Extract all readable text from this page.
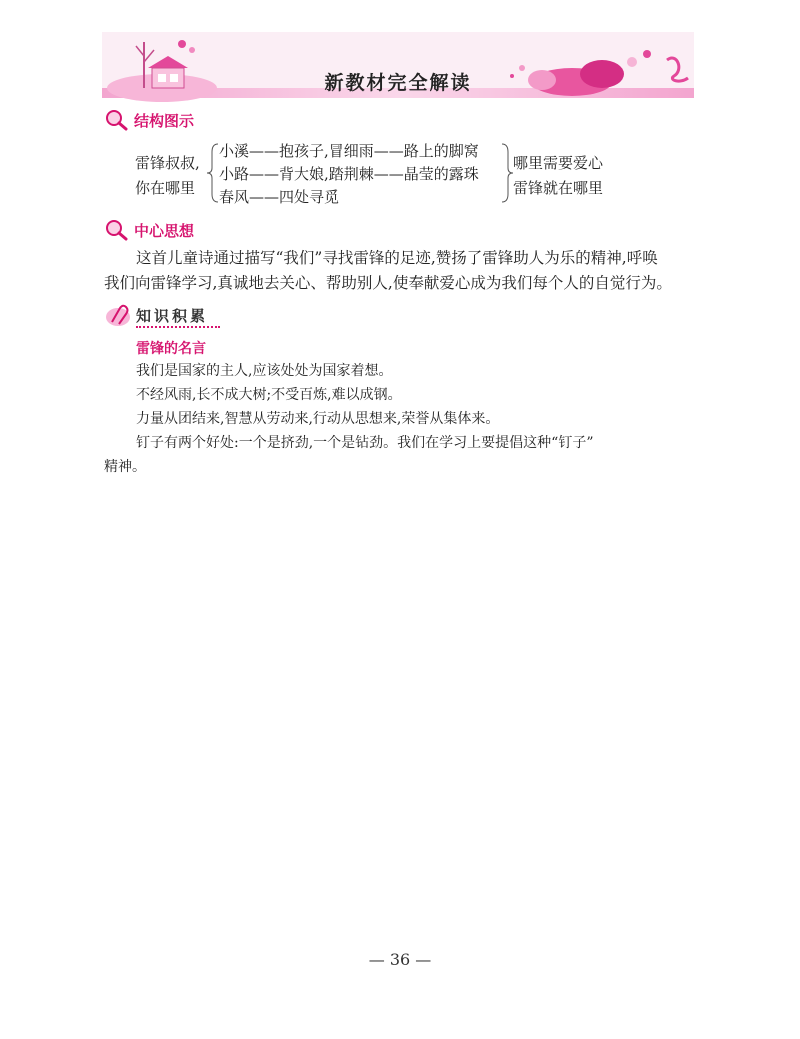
新教材完全解读
结构图示
雷锋叔叔,
你在哪里
小溪——抱孩子,冒细雨——路上的脚窝
小路——背大娘,踏荆棘——晶莹的露珠
春风——四处寻觅
哪里需要爱心
雷锋就在哪里
中心思想
这首儿童诗通过描写“我们”寻找雷锋的足迹,赞扬了雷锋助人为乐的精神,呼唤
我们向雷锋学习,真诚地去关心、帮助别人,使奉献爱心成为我们每个人的自觉行为。
知识积累
雷锋的名言
我们是国家的主人,应该处处为国家着想。
不经风雨,长不成大树;不受百炼,难以成钢。
力量从团结来,智慧从劳动来,行动从思想来,荣誉从集体来。
钉子有两个好处:一个是挤劲,一个是钻劲。我们在学习上要提倡这种“钉子”
精神。
— 36 —
